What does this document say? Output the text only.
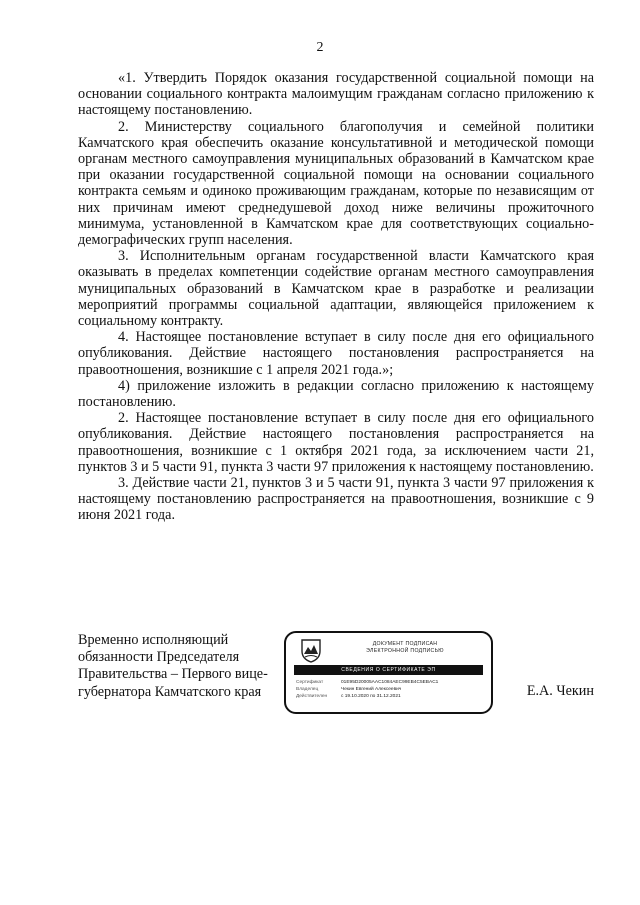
2

«1. Утвердить Порядок оказания государственной социальной помощи на основании социального контракта малоимущим гражданам согласно приложению к настоящему постановлению.

2. Министерству социального благополучия и семейной политики Камчатского края обеспечить оказание консультативной и методической помощи органам местного самоуправления муниципальных образований в Камчатском крае при оказании государственной социальной помощи на основании социального контракта семьям и одиноко проживающим гражданам, которые по независящим от них причинам имеют среднедушевой доход ниже величины прожиточного минимума, установленной в Камчатском крае для соответствующих социально-демографических групп населения.

3. Исполнительным органам государственной власти Камчатского края оказывать в пределах компетенции содействие органам местного самоуправления муниципальных образований в Камчатском крае в разработке и реализации мероприятий программы социальной адаптации, являющейся приложением к социальному контракту.

4. Настоящее постановление вступает в силу после дня его официального опубликования. Действие настоящего постановления распространяется на правоотношения, возникшие с 1 апреля 2021 года.»;

4) приложение изложить в редакции согласно приложению к настоящему постановлению.

2. Настоящее постановление вступает в силу после дня его официального опубликования. Действие настоящего постановления распространяется на правоотношения, возникшие с 1 октября 2021 года, за исключением части 21, пунктов 3 и 5 части 91, пункта 3 части 97 приложения к настоящему постановлению.

3. Действие части 21, пунктов 3 и 5 части 91, пункта 3 части 97 приложения к настоящему постановлению распространяется на правоотношения, возникшие с 9 июня 2021 года.

Временно исполняющий
обязанности Председателя
Правительства – Первого вице-
губернатора Камчатского края
ДОКУМЕНТ ПОДПИСАН
ЭЛЕКТРОННОЙ ПОДПИСЬЮ
СВЕДЕНИЯ О СЕРТИФИКАТЕ ЭП
Сертификат	01E95D20005AAC1084AEC99EB4C5EBAC1
Владелец	Чекин Евгений Алексеевич
Действителен	с 19.10.2020 по 31.12.2021	Е.А. Чекин
